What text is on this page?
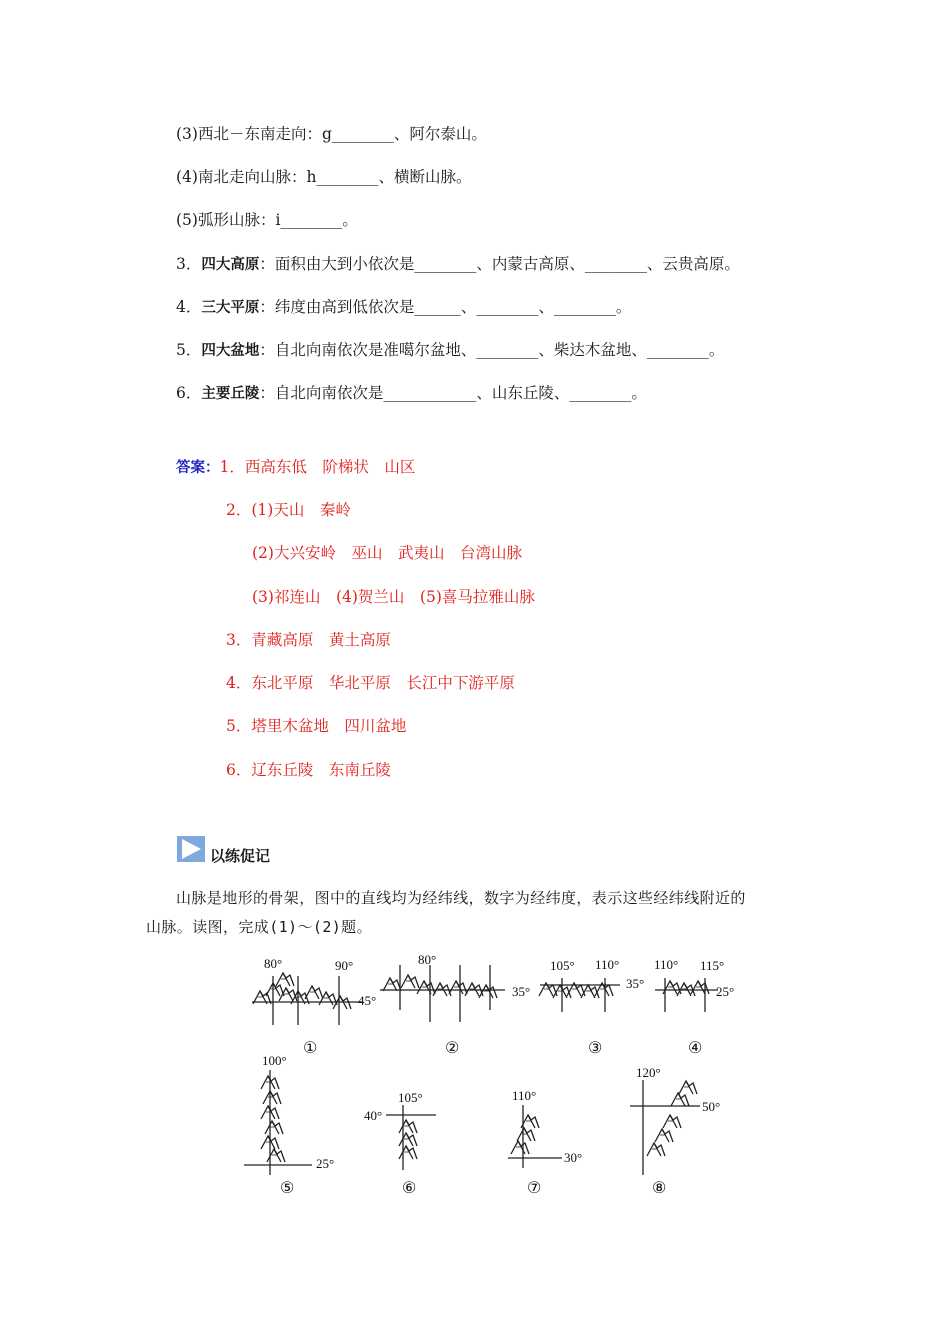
(3)西北－东南走向：g________、阿尔泰山。
(4)南北走向山脉：h________、横断山脉。
(5)弧形山脉：i________。
3．四大高原：面积由大到小依次是________、内蒙古高原、________、云贵高原。
4．三大平原：纬度由高到低依次是______、________、________。
5．四大盆地：自北向南依次是准噶尔盆地、________、柴达木盆地、________。
6．主要丘陵：自北向南依次是____________、山东丘陵、________。
答案：1．西高东低　阶梯状　山区
2．(1)天山　秦岭
(2)大兴安岭　巫山　武夷山　台湾山脉
(3)祁连山　(4)贺兰山　(5)喜马拉雅山脉
3．青藏高原　黄土高原
4．东北平原　华北平原　长江中下游平原
5．塔里木盆地　四川盆地
6．辽东丘陵　东南丘陵
以练促记
山脉是地形的骨架，图中的直线均为经纬线，数字为经纬度，表示这些经纬线附近的
山脉。读图，完成(1)～(2)题。
80°	90°
45°
①
80°
35°
②
105° 110°
35°
③
110° 115°
25°
④
100°
25°
⑤
105°
40°
⑥
110°
30°
⑦
120°
50°
⑧
